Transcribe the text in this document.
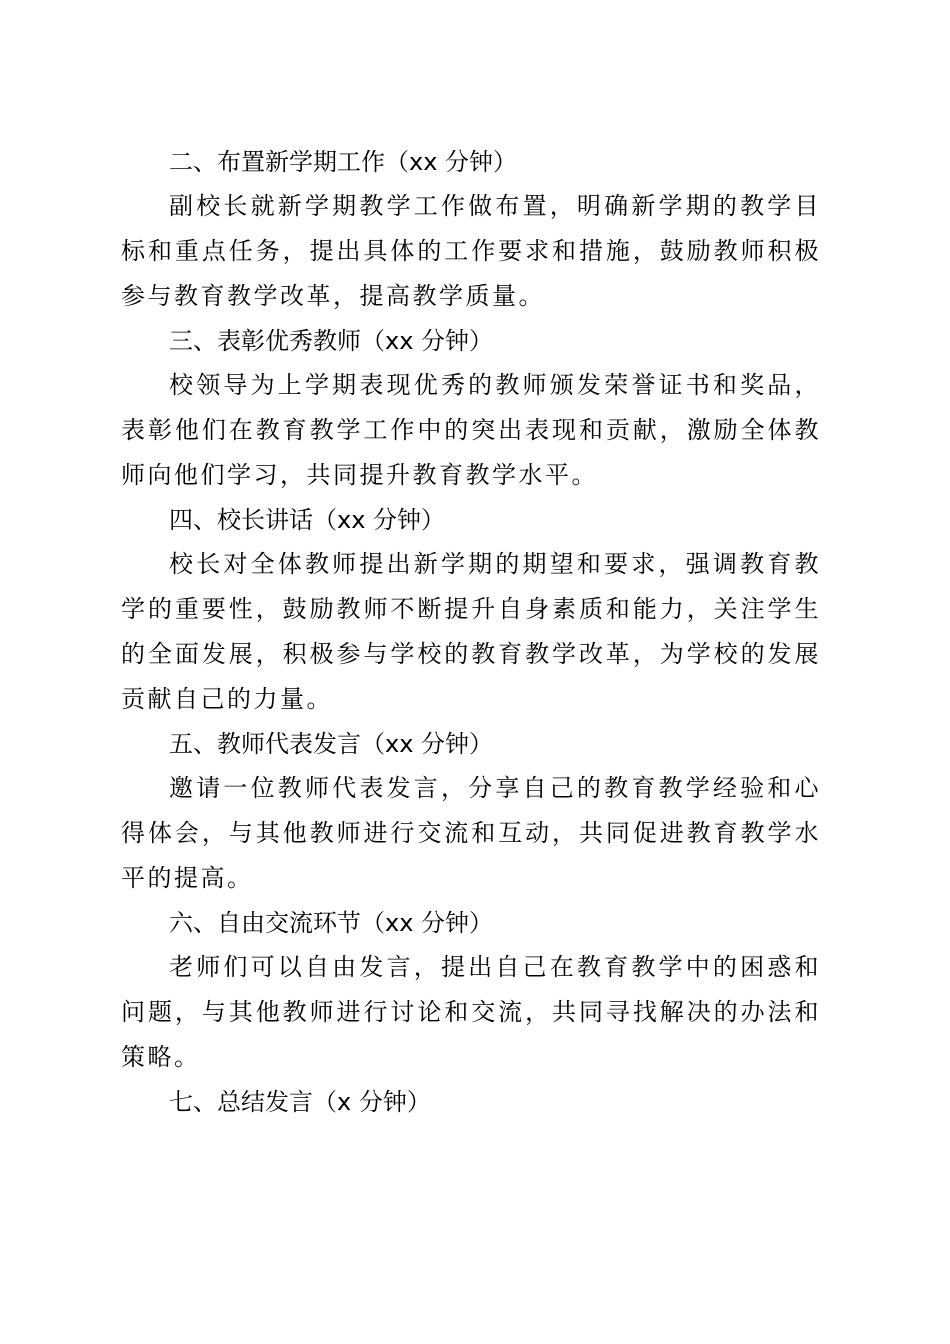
二、布置新学期工作（xx 分钟）

副校长就新学期教学工作做布置，明确新学期的教学目标和重点任务，提出具体的工作要求和措施，鼓励教师积极参与教育教学改革，提高教学质量。

三、表彰优秀教师（xx 分钟）

校领导为上学期表现优秀的教师颁发荣誉证书和奖品，表彰他们在教育教学工作中的突出表现和贡献，激励全体教师向他们学习，共同提升教育教学水平。

四、校长讲话（xx 分钟）

校长对全体教师提出新学期的期望和要求，强调教育教学的重要性，鼓励教师不断提升自身素质和能力，关注学生的全面发展，积极参与学校的教育教学改革，为学校的发展贡献自己的力量。

五、教师代表发言（xx 分钟）

邀请一位教师代表发言，分享自己的教育教学经验和心得体会，与其他教师进行交流和互动，共同促进教育教学水平的提高。

六、自由交流环节（xx 分钟）

老师们可以自由发言，提出自己在教育教学中的困惑和问题，与其他教师进行讨论和交流，共同寻找解决的办法和策略。

七、总结发言（x 分钟）
